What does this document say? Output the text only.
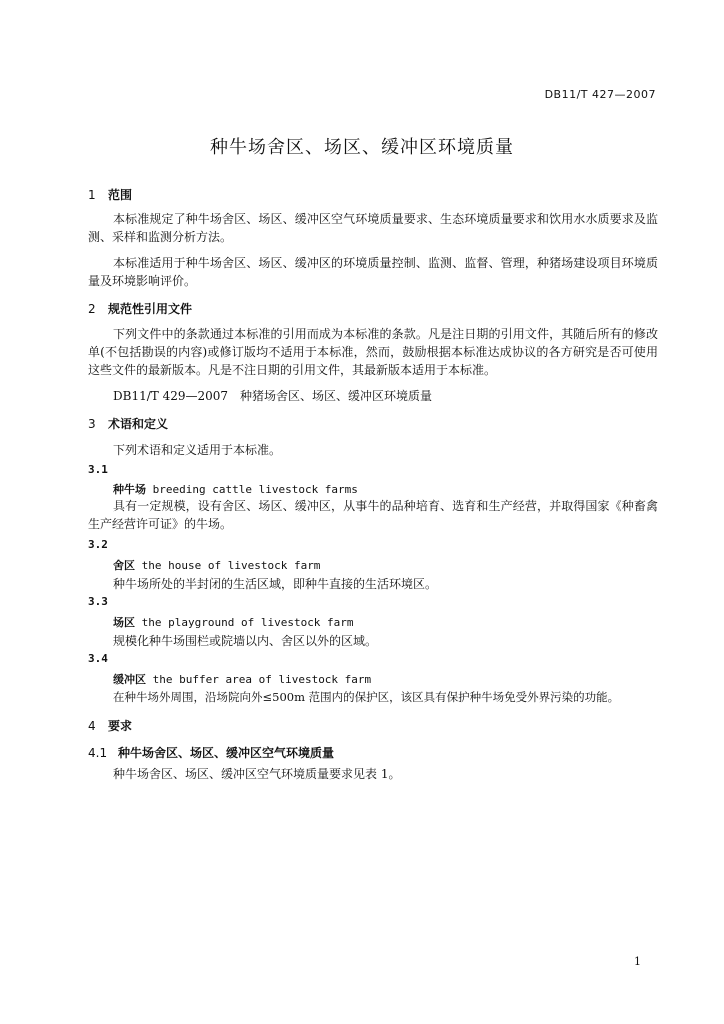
DB11/T 427—2007
种牛场舍区、场区、缓冲区环境质量
1 范围
本标准规定了种牛场舍区、场区、缓冲区空气环境质量要求、生态环境质量要求和饮用水水质要求及监测、采样和监测分析方法。
本标准适用于种牛场舍区、场区、缓冲区的环境质量控制、监测、监督、管理，种猪场建设项目环境质量及环境影响评价。
2 规范性引用文件
下列文件中的条款通过本标准的引用而成为本标准的条款。凡是注日期的引用文件，其随后所有的修改单(不包括勘误的内容)或修订版均不适用于本标准，然而，鼓励根据本标准达成协议的各方研究是否可使用这些文件的最新版本。凡是不注日期的引用文件，其最新版本适用于本标准。
DB11/T 429—2007　种猪场舍区、场区、缓冲区环境质量
3 术语和定义
下列术语和定义适用于本标准。
3.1
种牛场 breeding cattle livestock farms
具有一定规模，设有舍区、场区、缓冲区，从事牛的品种培育、选育和生产经营，并取得国家《种畜禽生产经营许可证》的牛场。
3.2
舍区 the house of livestock farm
种牛场所处的半封闭的生活区域，即种牛直接的生活环境区。
3.3
场区 the playground of livestock farm
规模化种牛场围栏或院墙以内、舍区以外的区域。
3.4
缓冲区 the buffer area of livestock farm
在种牛场外周围，沿场院向外≤500m 范围内的保护区，该区具有保护种牛场免受外界污染的功能。
4 要求
4.1 种牛场舍区、场区、缓冲区空气环境质量
种牛场舍区、场区、缓冲区空气环境质量要求见表 1。
1
